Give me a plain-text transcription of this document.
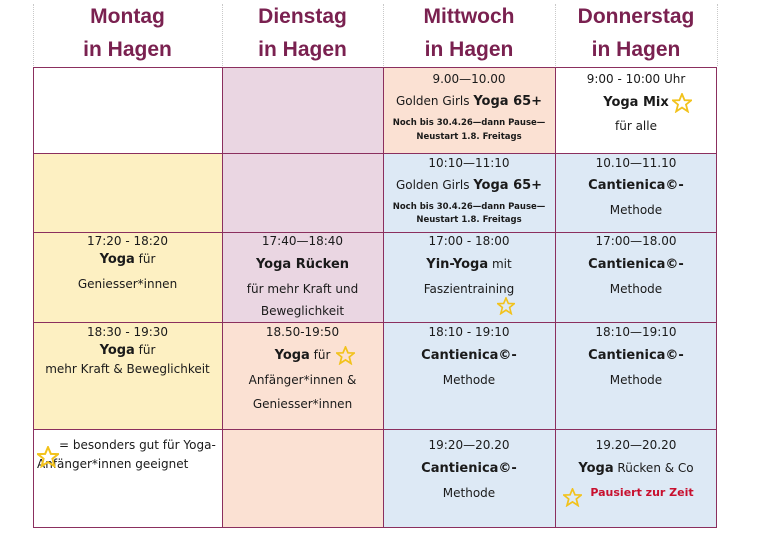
Montag
in Hagen
Dienstag
in Hagen
Mittwoch
in Hagen
Donnerstag
in Hagen
9.00—10.00
Golden Girls Yoga 65+
Noch bis 30.4.26—dann Pause—
Neustart 1.8. Freitags
9:00 - 10:00 Uhr
Yoga Mix
für alle
10:10—11:10
Golden Girls Yoga 65+
Noch bis 30.4.26—dann Pause—
Neustart 1.8. Freitags
10.10—11.10
Cantienica©-
Methode
17:20 - 18:20
Yoga für
Geniesser*innen
17:40—18:40
Yoga Rücken
für mehr Kraft und
Beweglichkeit
17:00 - 18:00
Yin-Yoga mit
Faszientraining
17:00—18.00
Cantienica©-
Methode
18:30 - 19:30
Yoga für
mehr Kraft & Beweglichkeit
18.50-19:50
Yoga für
Anfänger*innen &
Geniesser*innen
18:10 - 19:10
Cantienica©-
Methode
18:10—19:10
Cantienica©-
Methode
= besonders gut für Yoga-
Anfänger*innen geeignet
19:20—20.20
Cantienica©-
Methode
19.20—20.20
Yoga Rücken & Co
Pausiert zur Zeit
